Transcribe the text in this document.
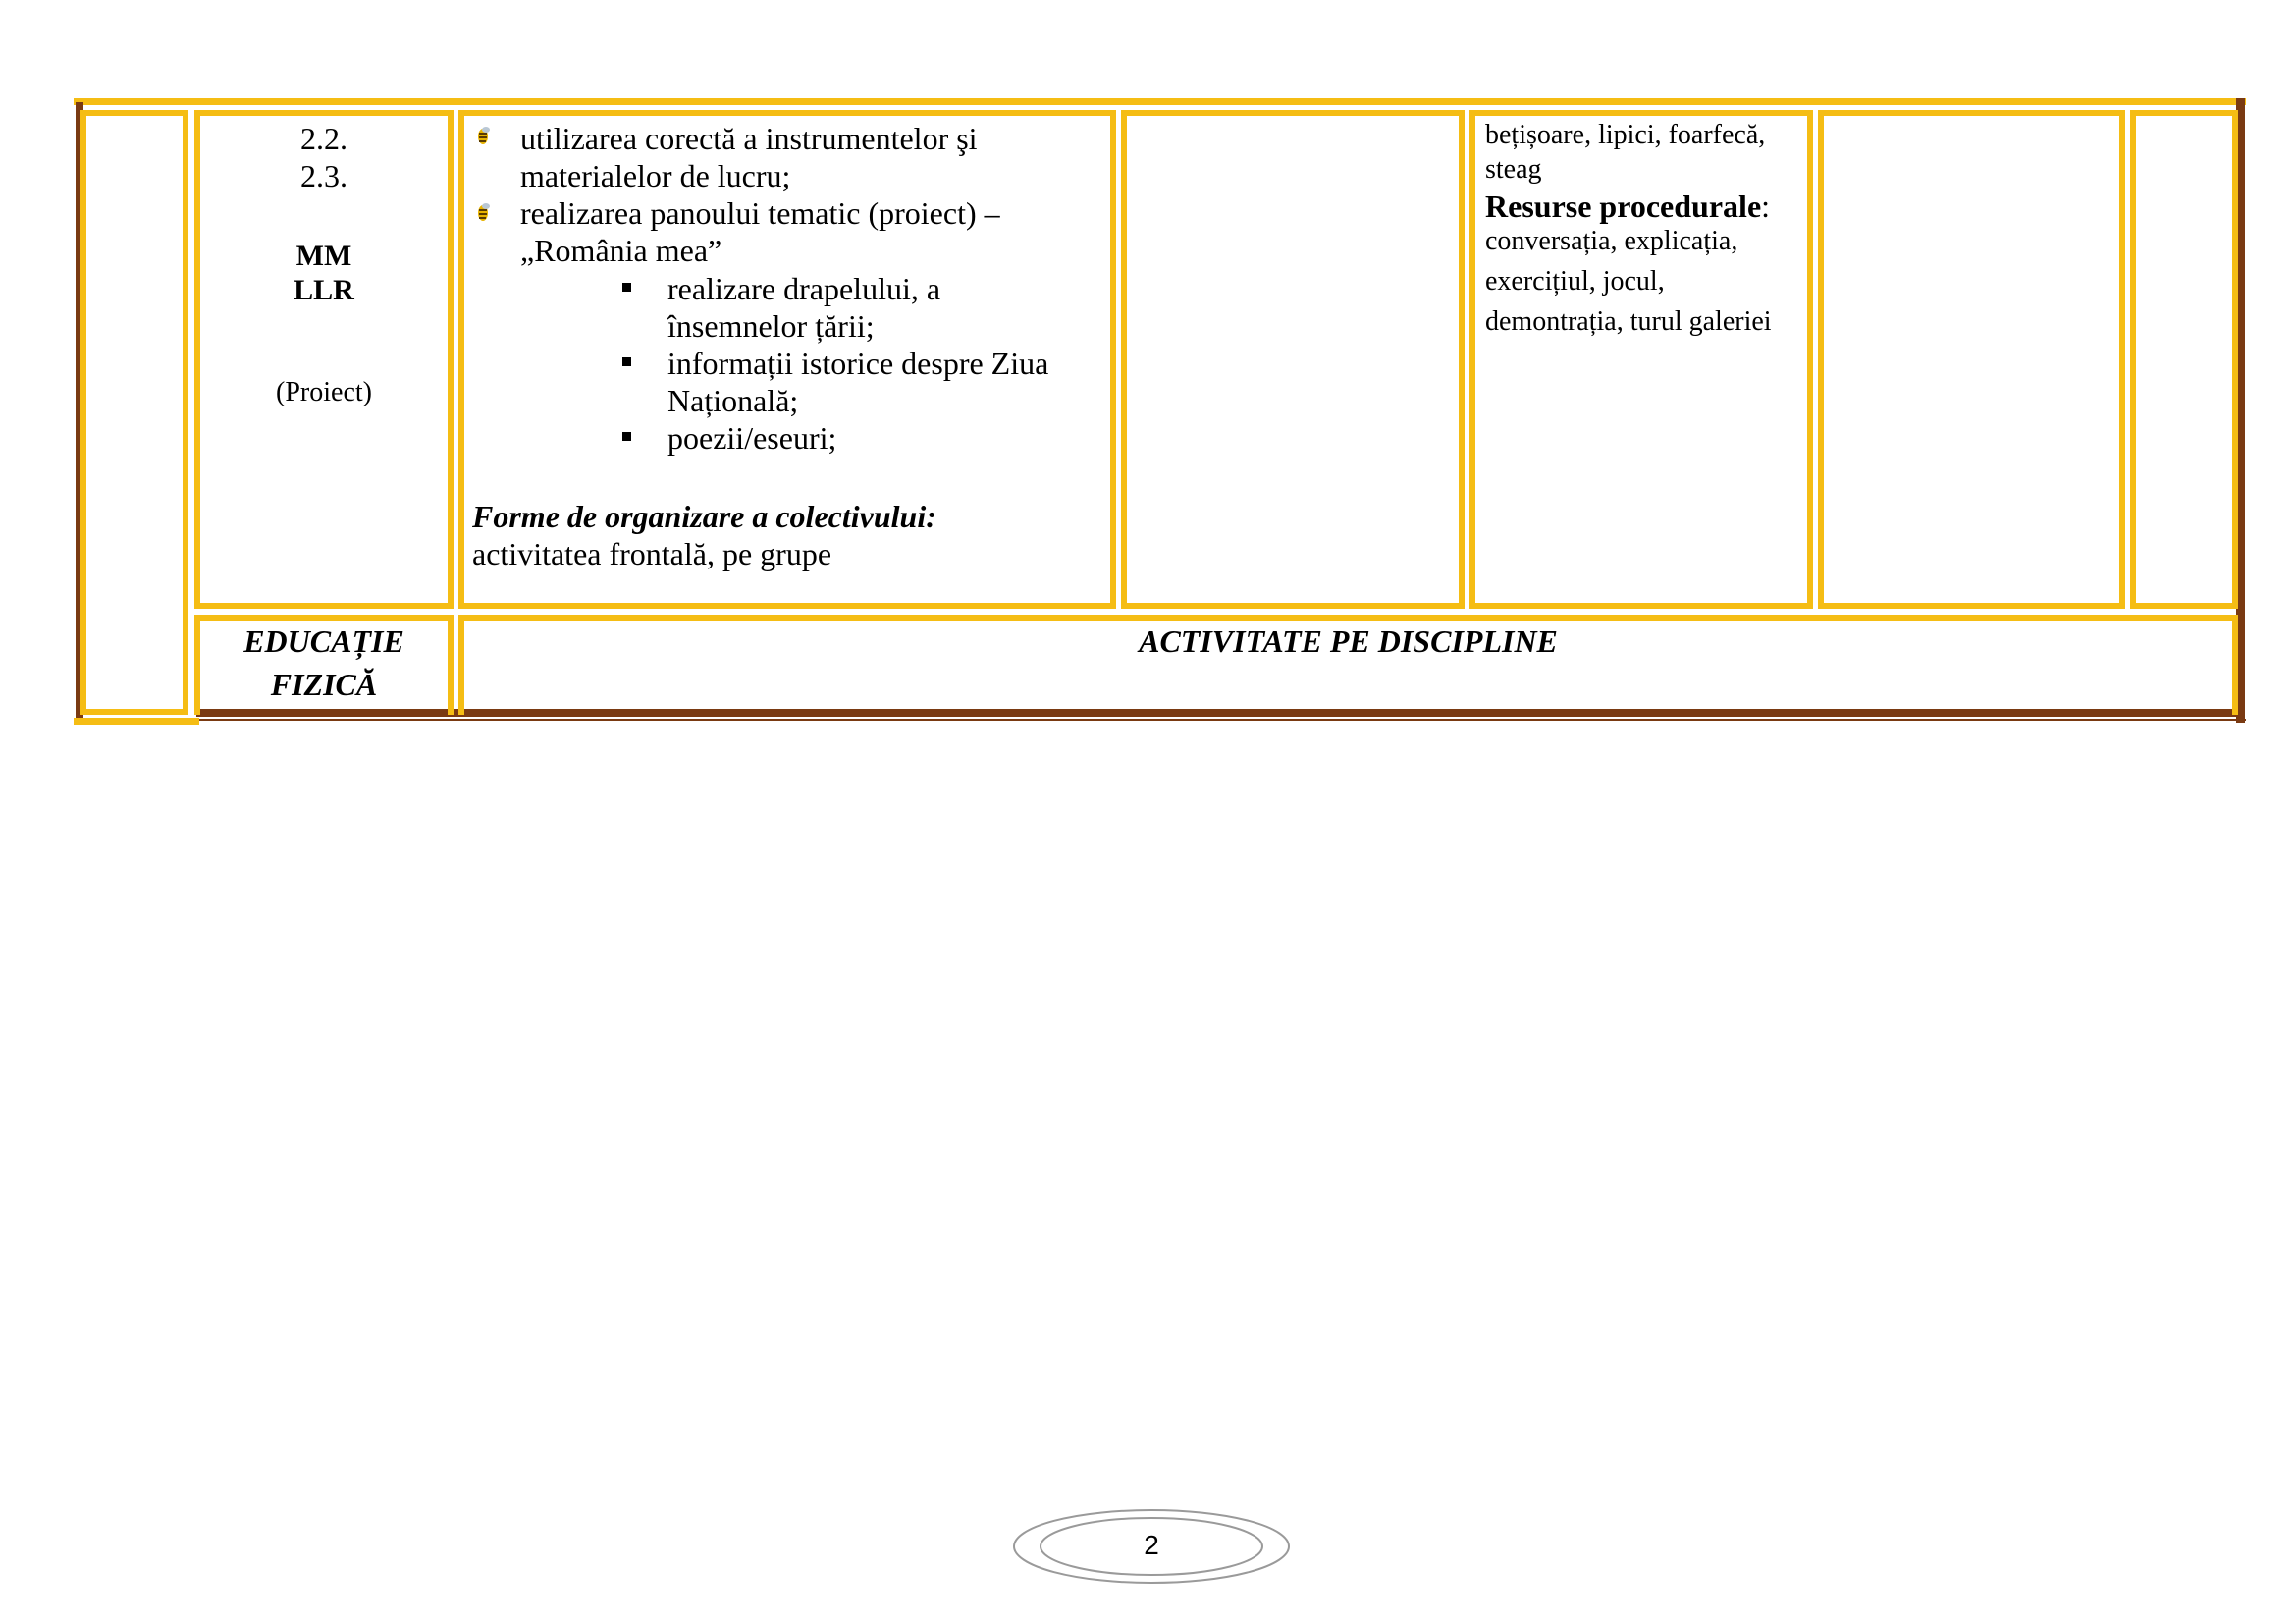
2.2.
2.3.
MM
LLR
(Proiect)
utilizarea corectă a instrumentelor şi
materialelor de lucru;
realizarea panoului tematic (proiect) –
„România mea”
realizare drapelului, a
însemnelor țării;
informații istorice despre Ziua
Națională;
poezii/eseuri;
Forme de organizare a colectivului:
activitatea frontală, pe grupe
bețișoare, lipici, foarfecă,
steag
Resurse procedurale:
conversația, explicația,
exercițiul, jocul,
demontrația, turul galeriei
EDUCAȚIE
FIZICĂ
ACTIVITATE PE DISCIPLINE
2
